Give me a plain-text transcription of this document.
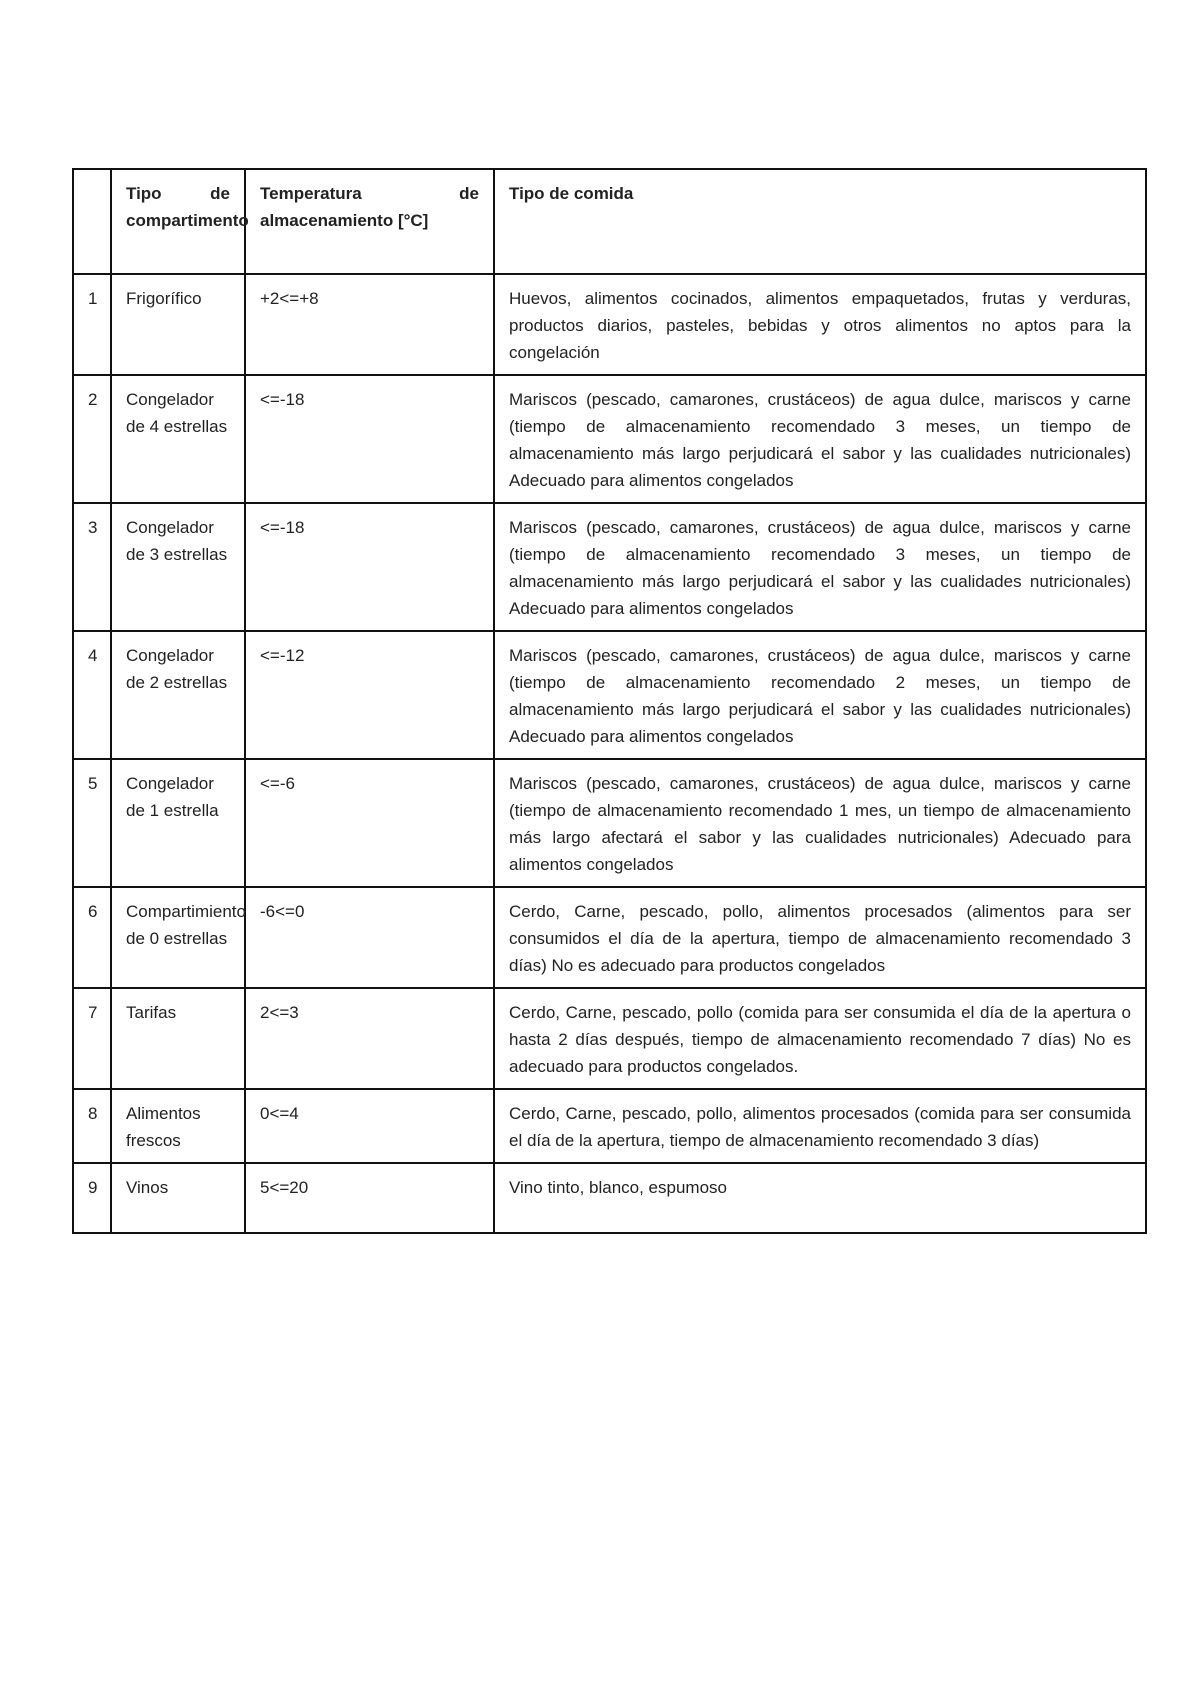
	Tipo de compartimento	Temperatura de almacenamiento [°C]	Tipo de comida
1	Frigorífico	+2<=+8	Huevos, alimentos cocinados, alimentos empaquetados, frutas y verduras, productos diarios, pasteles, bebidas y otros alimentos no aptos para la congelación
2	Congelador de 4 estrellas	<=-18	Mariscos (pescado, camarones, crustáceos) de agua dulce, mariscos y carne (tiempo de almacenamiento recomendado 3 meses, un tiempo de almacenamiento más largo perjudicará el sabor y las cualidades nutricionales) Adecuado para alimentos congelados
3	Congelador de 3 estrellas	<=-18	Mariscos (pescado, camarones, crustáceos) de agua dulce, mariscos y carne (tiempo de almacenamiento recomendado 3 meses, un tiempo de almacenamiento más largo perjudicará el sabor y las cualidades nutricionales) Adecuado para alimentos congelados
4	Congelador de 2 estrellas	<=-12	Mariscos (pescado, camarones, crustáceos) de agua dulce, mariscos y carne (tiempo de almacenamiento recomendado 2 meses, un tiempo de almacenamiento más largo perjudicará el sabor y las cualidades nutricionales) Adecuado para alimentos congelados
5	Congelador de 1 estrella	<=-6	Mariscos (pescado, camarones, crustáceos) de agua dulce, mariscos y carne (tiempo de almacenamiento recomendado 1 mes, un tiempo de almacenamiento más largo afectará el sabor y las cualidades nutricionales) Adecuado para alimentos congelados
6	Compartimiento de 0 estrellas	-6<=0	Cerdo, Carne, pescado, pollo, alimentos procesados (alimentos para ser consumidos el día de la apertura, tiempo de almacenamiento recomendado 3 días) No es adecuado para productos congelados
7	Tarifas	2<=3	Cerdo, Carne, pescado, pollo (comida para ser consumida el día de la apertura o hasta 2 días después, tiempo de almacenamiento recomendado 7 días) No es adecuado para productos congelados.
8	Alimentos frescos	0<=4	Cerdo, Carne, pescado, pollo, alimentos procesados (comida para ser consumida el día de la apertura, tiempo de almacenamiento recomendado 3 días)
9	Vinos	5<=20	Vino tinto, blanco, espumoso
